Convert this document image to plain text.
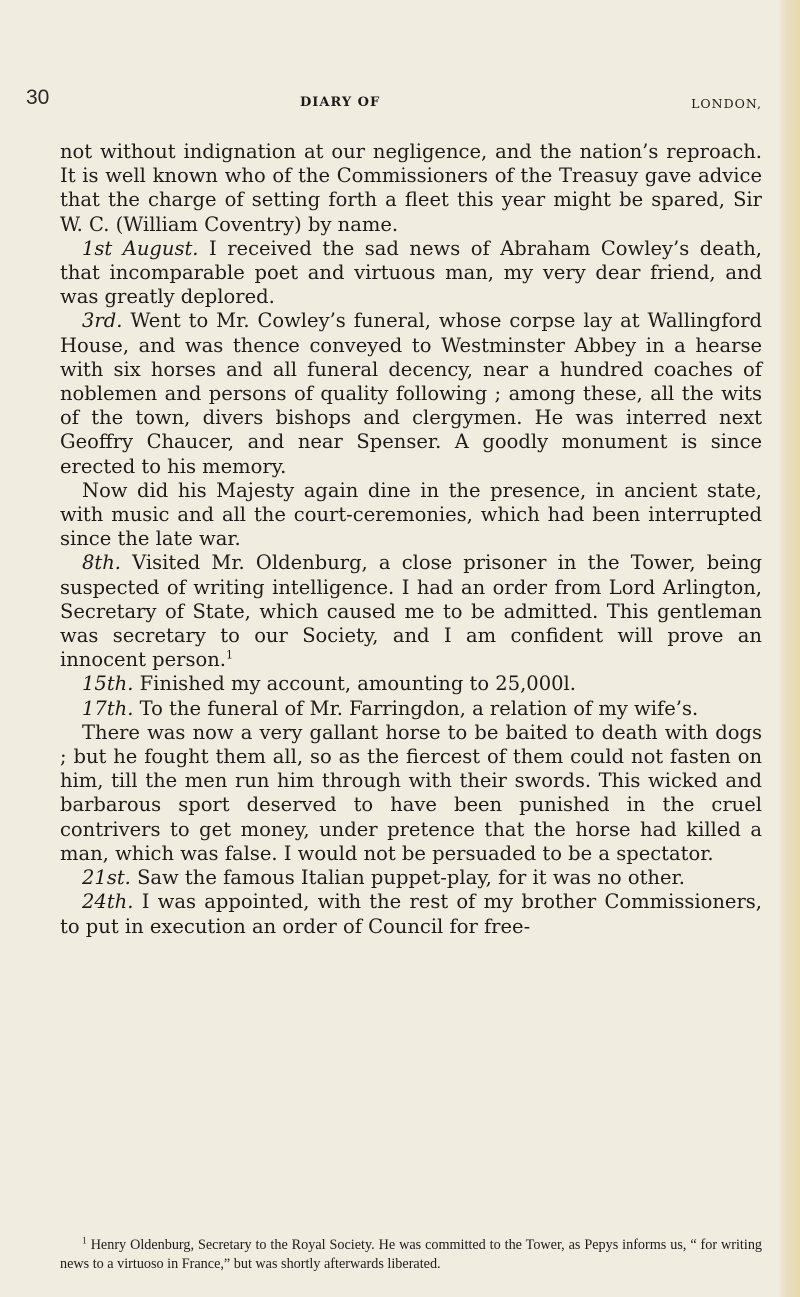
30	DIARY OF	LONDON,

not without indignation at our negligence, and the nation’s reproach. It is well known who of the Commissioners of the Treasuy gave advice that the charge of setting forth a fleet this year might be spared, Sir W. C. (William Coventry) by name.

1st August. I received the sad news of Abraham Cowley’s death, that incomparable poet and virtuous man, my very dear friend, and was greatly deplored.

3rd. Went to Mr. Cowley’s funeral, whose corpse lay at Wallingford House, and was thence conveyed to Westminster Abbey in a hearse with six horses and all funeral decency, near a hundred coaches of noblemen and persons of quality following ; among these, all the wits of the town, divers bishops and clergymen. He was interred next Geoffry Chaucer, and near Spenser. A goodly monument is since erected to his memory.

Now did his Majesty again dine in the presence, in ancient state, with music and all the court-ceremonies, which had been interrupted since the late war.

8th. Visited Mr. Oldenburg, a close prisoner in the Tower, being suspected of writing intelligence. I had an order from Lord Arlington, Secretary of State, which caused me to be admitted. This gentleman was secretary to our Society, and I am confident will prove an innocent person.$^1$

15th. Finished my account, amounting to 25,000l.

17th. To the funeral of Mr. Farringdon, a relation of my wife’s.

There was now a very gallant horse to be baited to death with dogs ; but he fought them all, so as the fiercest of them could not fasten on him, till the men run him through with their swords. This wicked and barbarous sport deserved to have been punished in the cruel contrivers to get money, under pretence that the horse had killed a man, which was false. I would not be persuaded to be a spectator.

21st. Saw the famous Italian puppet-play, for it was no other.

24th. I was appointed, with the rest of my brother Commissioners, to put in execution an order of Council for free-

$^1$ Henry Oldenburg, Secretary to the Royal Society. He was committed to the Tower, as Pepys informs us, “ for writing news to a virtuoso in France,” but was shortly afterwards liberated.
